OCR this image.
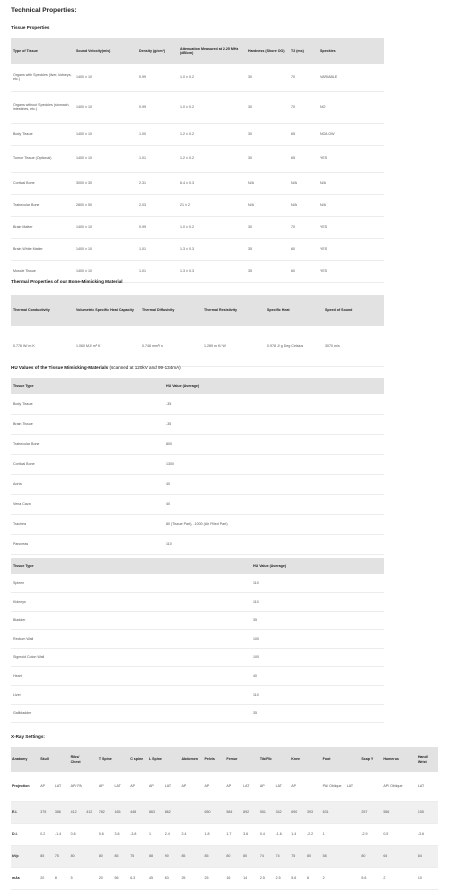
Technical Properties:
Tissue Properties
Type of Tissue	Sound Velocity(m/s)	Density (g/cm³)	Attenuation Measured at 2.25 MHz (dB/cm)	Hardness (Shore OO)	T2 (ms)	Speckles
Organs with Speckles (liver, kidneys, etc.)	1400 ± 10	0.99	1.0 ± 0.2	30	70	VARIABLE
Organs without Speckles (stomach, intestines, etc.)	1400 ± 10	0.99	1.0 ± 0.2	30	70	NO
Body Tissue	1400 ± 10	1.00	1.2 ± 0.2	30	65	NO/LOW
Tumor Tissue (Optional)	1400 ± 10	1.01	1.2 ± 0.2	30	65	YES
Cortical Bone	3000 ± 30	2.31	6.4 ± 0.3	N/A	N/A	N/A
Trabecular Bone	2800 ± 50	2.03	21 ± 2	N/A	N/A	N/A
Brain Matter	1400 ± 10	0.99	1.0 ± 0.2	30	70	YES
Brain White Matter	1400 ± 10	1.01	1.3 ± 0.3	35	60	YES
Muscle Tissue	1400 ± 10	1.01	1.3 ± 0.3	35	60	YES
Thermal Properties of our Bone-Mimicking Material
Thermal Conductivity	Volumetric Specific Heat Capacity	Thermal Diffusivity	Thermal Resistivity	Specific Heat	Speed of Sound
0.776 W/ m K	1.060 MJ/ m³ K	0.746 mm²/ s	1.289 m K/ W	0.978 J/ g Deg Celsius	3070 m/s
HU Values of the Tissue Mimicking-Materials (scanned at 120kV and 99-134mA)
Tissue Type	HU Value (Average)
Body Tissue	-35
Brain Tissue	-35
Trabecular Bone	800
Cortical Bone	1300
Aorta	40
Vena Cava	40
Trachea	80 (Tissue Part), -1000 (Air Filled Part)
Pancreas	110
Tissue Type	HU Value (Average)
Spleen	110
Kidneys	110
Bladder	35
Rectum Wall	100
Sigmoid Colon Wall	100
Heart	40
Liver	110
Gallbladder	35
X-Ray Settings:
Anatomy	Skull		Ribs/ Chest		T Spine		C spine	L Spine		Abdomen	Pelvis	Femur		Tib/Fib		Knee		Foot		Scap Y	Humerus		Hand/ Wrist
Projection	AP	LAT	AP/ PA		AP	LAT	AP	AP	LAT	AP	AP	AP	LAT	AP	LAT	AP		PA/ Oblique	LAT		AP/ Oblique		LAT
E.I.	375	386	412	412	782	165	448	863	862		650	584	892	551	342	690	393	631		257	556		155
D.I.	0.2	-1.4	0.6		0.6	3.6	-3.8	1	2.4	2.4	1.8	1.7	3.6	0.4	-1.6	1.4	-2.2	1		-2.9	0.5		-3.6
kVp	85	75	80		80	85	75	88	90	85	85	80	80	74	74	75	80	58		80	64		84
mAs	20	8	5		20	56	6.3	45	63	25	25	16	14	2.5	2.5	5.6	8	2		5.6	2		10
